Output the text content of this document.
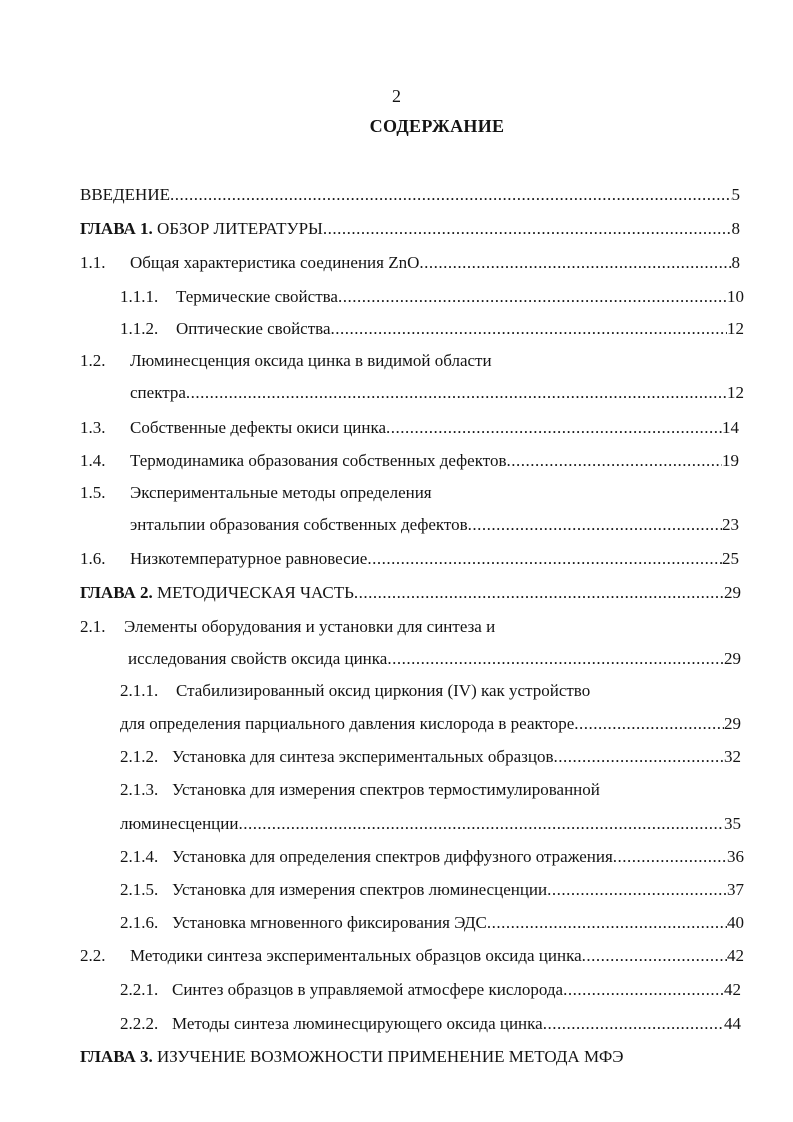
2
СОДЕРЖАНИЕ
ВВЕДЕНИЕ .....	5
ГЛАВА 1. ОБЗОР ЛИТЕРАТУРЫ .....	8
1.1.	Общая характеристика соединения ZnO .....	8
1.1.1.	Термические свойства .....	10
1.1.2.	Оптические свойства .....	12
1.2. Люминесценция оксида цинка в видимой области
спектра .....	12
1.3.	Собственные дефекты окиси цинка .....	14
1.4.	Термодинамика образования собственных дефектов .....	19
1.5. Экспериментальные методы определения
энтальпии образования собственных дефектов .....	23
1.6.	Низкотемпературное равновесие .....	25
ГЛАВА 2. МЕТОДИЧЕСКАЯ ЧАСТЬ .....	29
2.1. Элементы оборудования и установки для синтеза и
исследования свойств оксида цинка .....	29
2.1.1. Стабилизированный оксид циркония (IV) как устройство
для определения парциального давления кислорода в реакторе .....	29
2.1.2. Установка для синтеза экспериментальных образцов .....	32
2.1.3. Установка для измерения спектров термостимулированной
люминесценции .....	35
2.1.4. Установка для определения спектров диффузного отражения .....	36
2.1.5. Установка для измерения спектров люминесценции .....	37
2.1.6. Установка мгновенного фиксирования ЭДС .....	40
2.2.	Методики синтеза экспериментальных образцов оксида цинка .....	42
2.2.1. Синтез образцов в управляемой атмосфере кислорода .....	42
2.2.2. Методы синтеза люминесцирующего оксида цинка .....	44
ГЛАВА 3. ИЗУЧЕНИЕ ВОЗМОЖНОСТИ ПРИМЕНЕНИЕ МЕТОДА МФЭ
